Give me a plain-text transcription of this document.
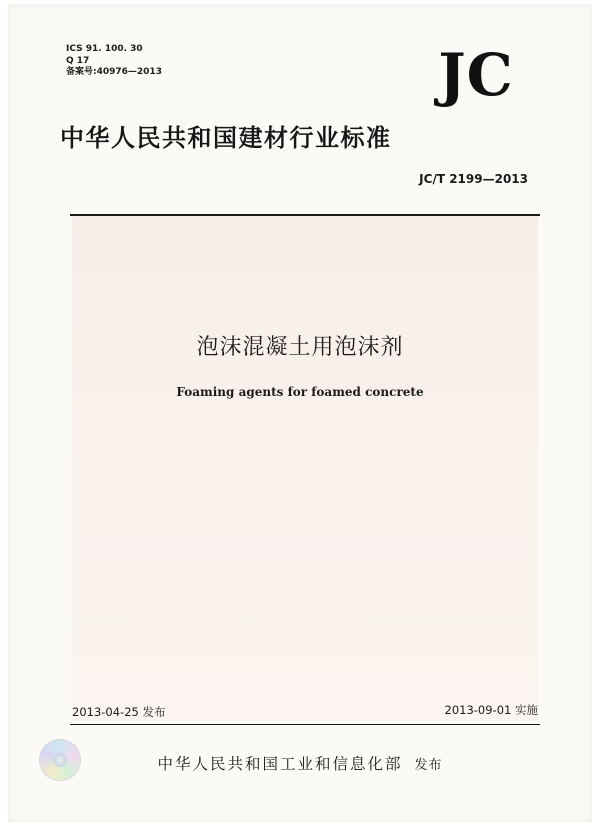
ICS 91. 100. 30
Q 17
备案号:40976—2013	JC
中华人民共和国建材行业标准
JC/T 2199—2013
泡沫混凝土用泡沫剂
Foaming agents for foamed concrete
2013-04-25 发布	2013-09-01 实施
中华人民共和国工业和信息化部 发布
